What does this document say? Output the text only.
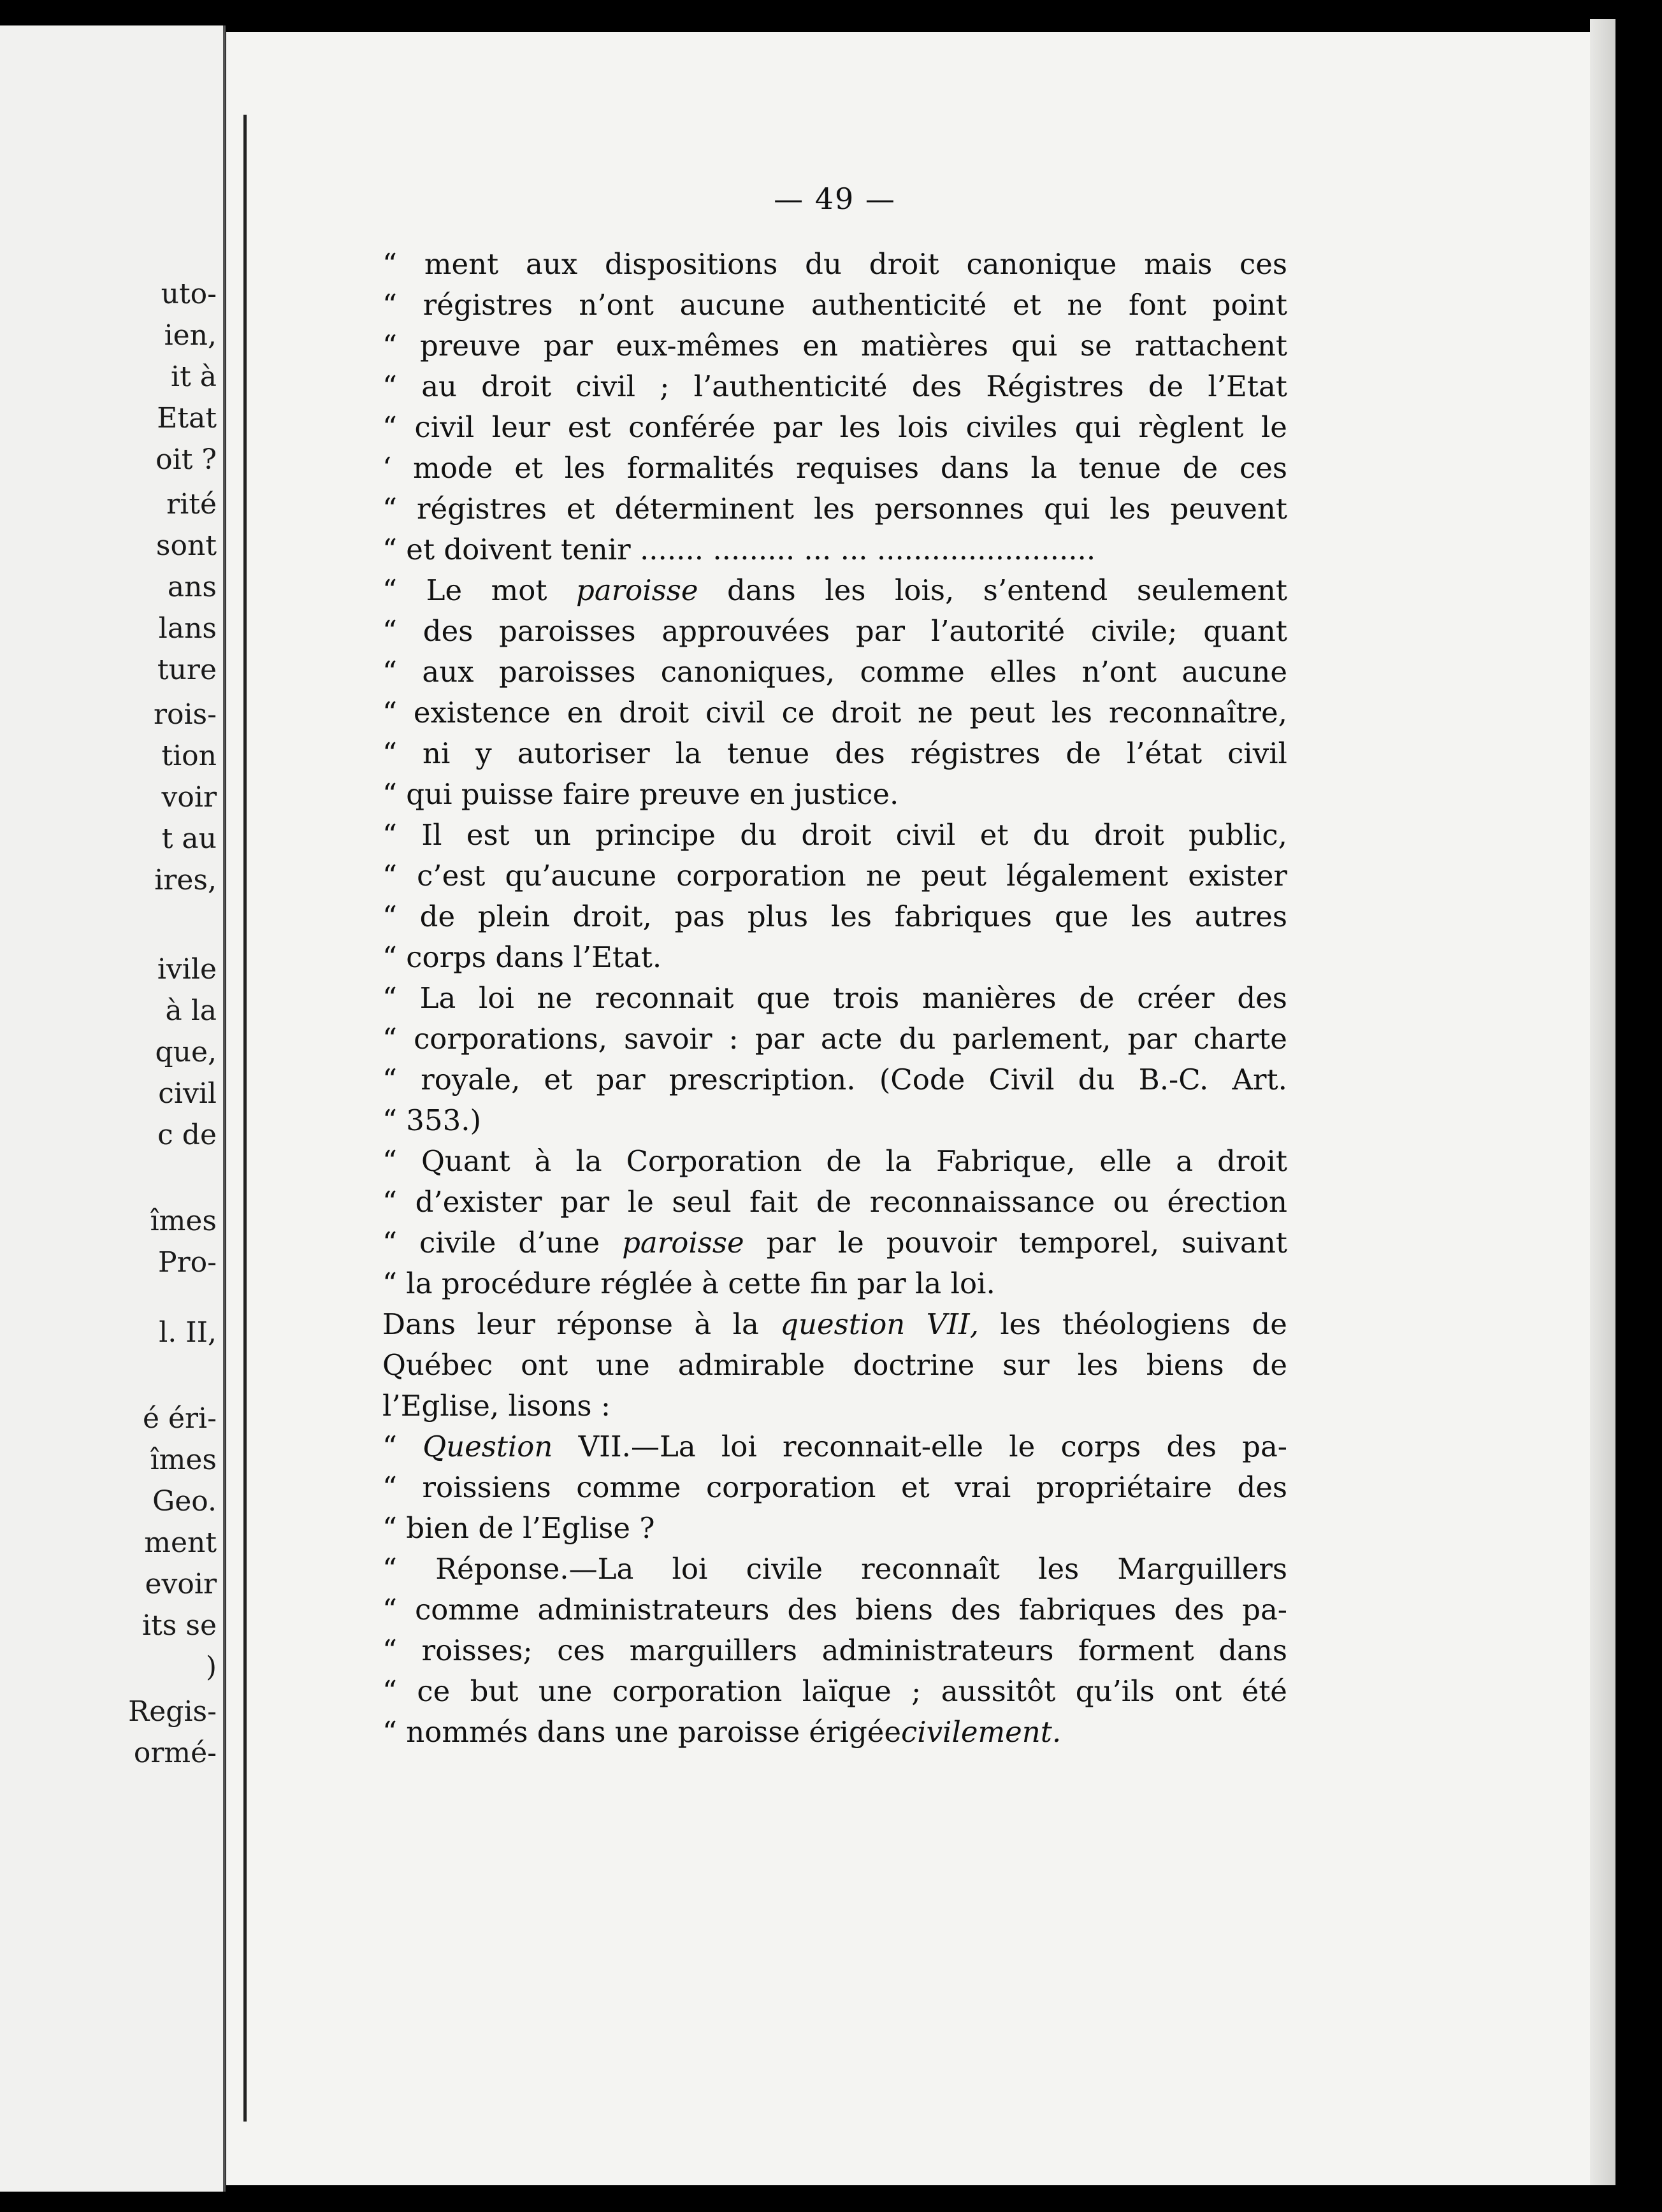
uto-
ien,
it à
Etat
oit ?
rité
sont
ans
lans
ture
rois-
tion
voir
t au
ires,
ivile
à la
que,
civil
c de
îmes
Pro-
l. II,
é éri-
îmes
Geo.
ment
evoir
its se
)
Regis-
ormé-
— 49 —
“ ment aux dispositions du droit canonique mais ces
“ régistres n’ont aucune authenticité et ne font point
“ preuve par eux-mêmes en matières qui se rattachent
“ au droit civil ; l’authenticité des Régistres de l’Etat
“ civil leur est conférée par les lois civiles qui règlent le
‘ mode et les formalités requises dans la tenue de ces
“ régistres et déterminent les personnes qui les peuvent
“ et doivent tenir ....... ......... ... ... ........................
“ Le mot paroisse dans les lois, s’entend seulement
“ des paroisses approuvées par l’autorité civile; quant
“ aux paroisses canoniques, comme elles n’ont aucune
“ existence en droit civil ce droit ne peut les reconnaître,
“ ni y autoriser la tenue des régistres de l’état civil
“ qui puisse faire preuve en justice.
“ Il est un principe du droit civil et du droit public,
“ c’est qu’aucune corporation ne peut légalement exister
“ de plein droit, pas plus les fabriques que les autres
“ corps dans l’Etat.
“ La loi ne reconnait que trois manières de créer des
“ corporations, savoir : par acte du parlement, par charte
“ royale, et par prescription. (Code Civil du B.-C. Art.
“ 353.)
“ Quant à la Corporation de la Fabrique, elle a droit
“ d’exister par le seul fait de reconnaissance ou érection
“ civile d’une paroisse par le pouvoir temporel, suivant
“ la procédure réglée à cette fin par la loi.
Dans leur réponse à la question VII, les théologiens de
Québec ont une admirable doctrine sur les biens de
l’Eglise, lisons :
“ Question VII.—La loi reconnait-elle le corps des pa-
“ roissiens comme corporation et vrai propriétaire des
“ bien de l’Eglise ?
“ Réponse.—La loi civile reconnaît les Marguillers
“ comme administrateurs des biens des fabriques des pa-
“ roisses; ces marguillers administrateurs forment dans
“ ce but une corporation laïque ; aussitôt qu’ils ont été
“ nommés dans une paroisse érigée civilement.
